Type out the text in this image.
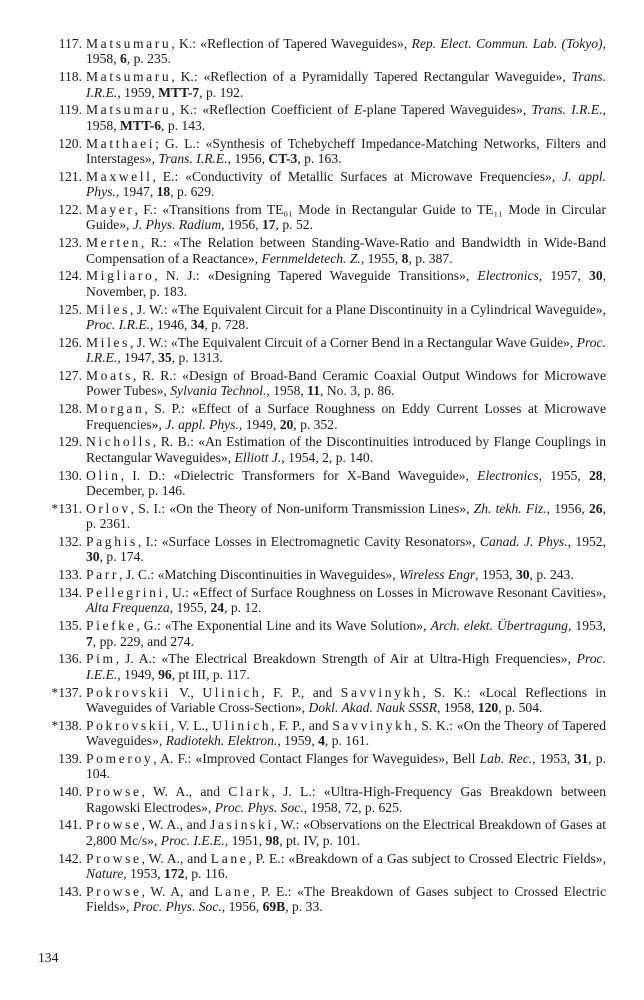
117. Matsumaru, K.: «Reflection of Tapered Waveguides», Rep. Elect. Commun. Lab. (Tokyo), 1958, 6, p. 235.
118. Matsumaru, K.: «Reflection of a Pyramidally Tapered Rectangular Waveguide», Trans. I.R.E., 1959, MTT-7, p. 192.
119. Matsumaru, K.: «Reflection Coefficient of E-plane Tapered Waveguides», Trans. I.R.E., 1958, MTT-6, p. 143.
120. Matthaei; G. L.: «Synthesis of Tchebycheff Impedance-Matching Networks, Filters and Interstages», Trans. I.R.E., 1956, CT-3, p. 163.
121. Maxwell, E.: «Conductivity of Metallic Surfaces at Microwave Frequencies», J. appl. Phys., 1947, 18, p. 629.
122. Mayer, F.: «Transitions from TE₀₁ Mode in Rectangular Guide to TE₁₁ Mode in Circular Guide», J. Phys. Radium, 1956, 17, p. 52.
123. Merten, R.: «The Relation between Standing-Wave-Ratio and Bandwidth in Wide-Band Compensation of a Reactance», Fernmeldetech. Z., 1955, 8, p. 387.
124. Migliaro, N. J.: «Designing Tapered Waveguide Transitions», Electronics, 1957, 30, November, p. 183.
125. Miles, J. W.: «The Equivalent Circuit for a Plane Discontinuity in a Cylindrical Waveguide», Proc. I.R.E., 1946, 34, p. 728.
126. Miles, J. W.: «The Equivalent Circuit of a Corner Bend in a Rectangular Wave Guide», Proc. I.R.E., 1947, 35, p. 1313.
127. Moats, R. R.: «Design of Broad-Band Ceramic Coaxial Output Windows for Microwave Power Tubes», Sylvania Technol., 1958, 11, No. 3, p. 86.
128. Morgan, S. P.: «Effect of a Surface Roughness on Eddy Current Losses at Microwave Frequencies», J. appl. Phys., 1949, 20, p. 352.
129. Nicholls, R. B.: «An Estimation of the Discontinuities introduced by Flange Couplings in Rectangular Waveguides», Elliott J., 1954, 2, p. 140.
130. Olin, I. D.: «Dielectric Transformers for X-Band Waveguide», Electronics, 1955, 28, December, p. 146.
*131. Orlov, S. I.: «On the Theory of Non-uniform Transmission Lines», Zh. tekh. Fiz., 1956, 26, p. 2361.
132. Paghis, I.: «Surface Losses in Electromagnetic Cavity Resonators», Canad. J. Phys., 1952, 30, p. 174.
133. Parr, J. C.: «Matching Discontinuities in Waveguides», Wireless Engr, 1953, 30, p. 243.
134. Pellegrini, U.: «Effect of Surface Roughness on Losses in Microwave Resonant Cavities», Alta Frequenza, 1955, 24, p. 12.
135. Piefke, G.: «The Exponential Line and its Wave Solution», Arch. elekt. Übertragung, 1953, 7, pp. 229, and 274.
136. Pim, J. A.: «The Electrical Breakdown Strength of Air at Ultra-High Frequencies», Proc. I.E.E., 1949, 96, pt III, p. 117.
*137. Pokrovskii V., Ulinich, F. P., and Savvinykh, S. K.: «Local Reflections in Waveguides of Variable Cross-Section», Dokl. Akad. Nauk SSSR, 1958, 120, p. 504.
*138. Pokrovskii, V. L., Ulinich, F. P., and Savvinykh, S. K.: «On the Theory of Tapered Waveguides», Radiotekh. Elektron., 1959, 4, p. 161.
139. Pomeroy, A. F.: «Improved Contact Flanges for Waveguides», Bell Lab. Rec., 1953, 31, p. 104.
140. Prowse, W. A., and Clark, J. L.: «Ultra-High-Frequency Gas Breakdown between Ragowski Electrodes», Proc. Phys. Soc., 1958, 72, p. 625.
141. Prowse, W. A., and Jasinski, W.: «Observations on the Electrical Breakdown of Gases at 2,800 Mc/s», Proc. I.E.E., 1951, 98, pt. IV, p. 101.
142. Prowse, W. A., and Lane, P. E.: «Breakdown of a Gas subject to Crossed Electric Fields», Nature, 1953, 172, p. 116.
143. Prowse, W. A, and Lane, P. E.: «The Breakdown of Gases subject to Crossed Electric Fields», Proc. Phys. Soc., 1956, 69B, p. 33.
134
